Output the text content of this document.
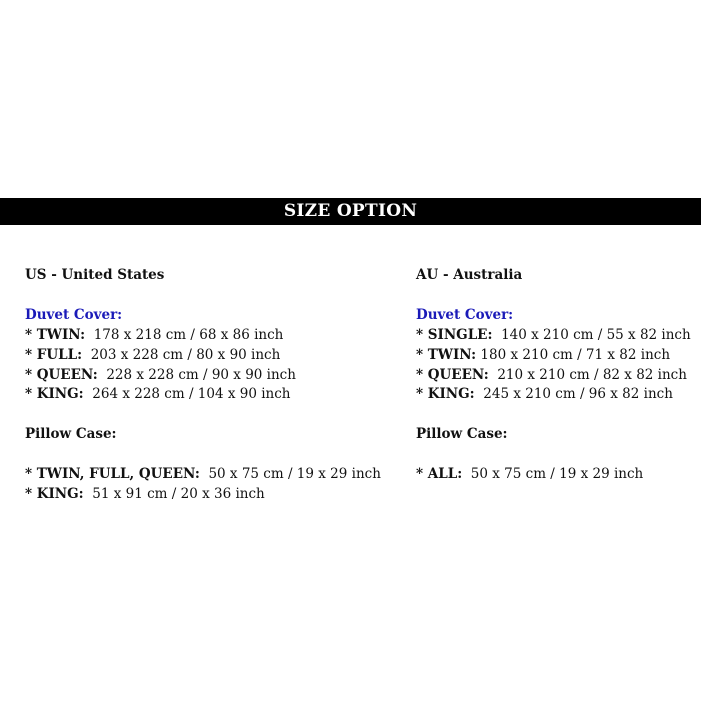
SIZE OPTION
US - United States
Duvet Cover:
* TWIN: 178 x 218 cm / 68 x 86 inch
* FULL: 203 x 228 cm / 80 x 90 inch
* QUEEN: 228 x 228 cm / 90 x 90 inch
* KING: 264 x 228 cm / 104 x 90 inch
Pillow Case:
* TWIN, FULL, QUEEN: 50 x 75 cm / 19 x 29 inch
* KING: 51 x 91 cm / 20 x 36 inch
AU - Australia
Duvet Cover:
* SINGLE: 140 x 210 cm / 55 x 82 inch
* TWIN: 180 x 210 cm / 71 x 82 inch
* QUEEN: 210 x 210 cm / 82 x 82 inch
* KING: 245 x 210 cm / 96 x 82 inch
Pillow Case:
* ALL: 50 x 75 cm / 19 x 29 inch
